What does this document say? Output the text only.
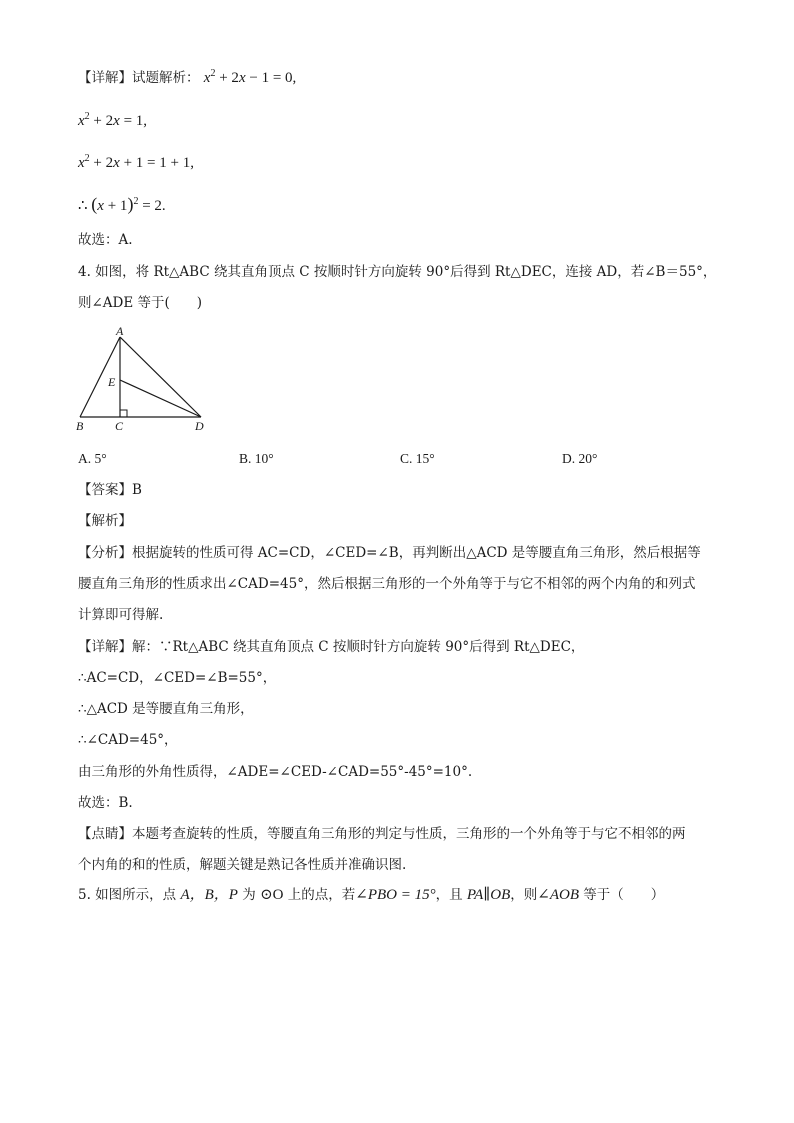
【详解】试题解析： $x^2 + 2x - 1 = 0$,
$x^2 + 2x = 1$,
$x^2 + 2x + 1 = 1 + 1$,
∴ $(x + 1)^2 = 2$.
故选：A.
4. 如图，将 Rt△ABC 绕其直角顶点 C 按顺时针方向旋转 90°后得到 Rt△DEC，连接 AD，若∠B＝55°，
则∠ADE 等于(　　)
A
E
B	C	D
A. 5°	B. 10°	C. 15°	D. 20°
【答案】B
【解析】
【分析】根据旋转的性质可得 AC=CD，∠CED=∠B，再判断出△ACD 是等腰直角三角形，然后根据等
腰直角三角形的性质求出∠CAD=45°，然后根据三角形的一个外角等于与它不相邻的两个内角的和列式
计算即可得解.
【详解】解：∵Rt△ABC 绕其直角顶点 C 按顺时针方向旋转 90°后得到 Rt△DEC，
∴AC=CD，∠CED=∠B=55°，
∴△ACD 是等腰直角三角形，
∴∠CAD=45°，
由三角形的外角性质得，∠ADE=∠CED-∠CAD=55°-45°=10°.
故选：B.
【点睛】本题考查旋转的性质，等腰直角三角形的判定与性质，三角形的一个外角等于与它不相邻的两
个内角的和的性质，解题关键是熟记各性质并准确识图.
5. 如图所示，点 A，B，P 为 ⊙O 上的点，若∠PBO = 15°，且 PA∥OB，则∠AOB 等于（　　）
